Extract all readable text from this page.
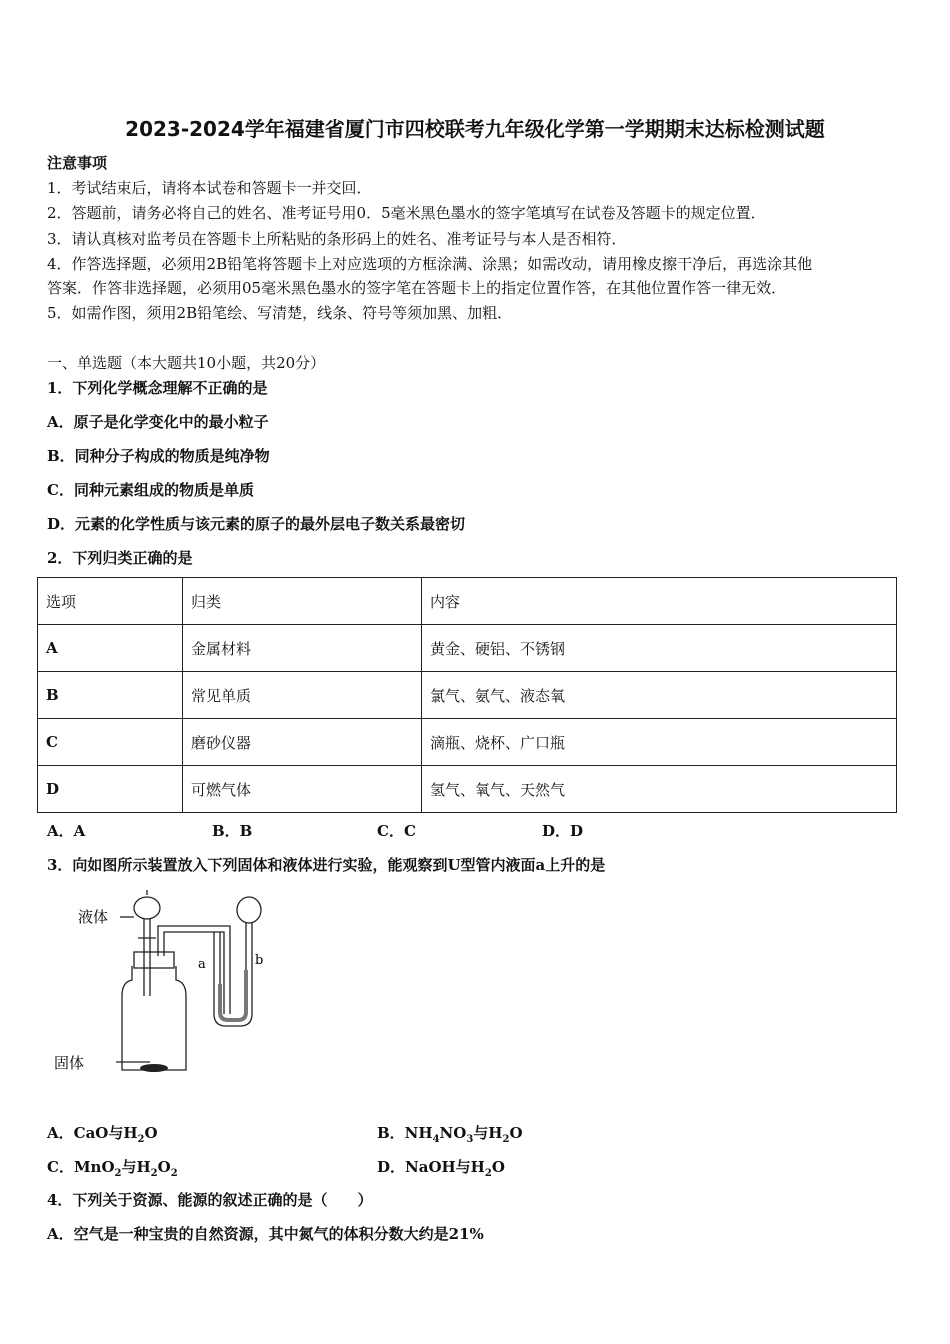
2023-2024学年福建省厦门市四校联考九年级化学第一学期期末达标检测试题
注意事项
1．考试结束后，请将本试卷和答题卡一并交回．
2．答题前，请务必将自己的姓名、准考证号用0．5毫米黑色墨水的签字笔填写在试卷及答题卡的规定位置．
3．请认真核对监考员在答题卡上所粘贴的条形码上的姓名、准考证号与本人是否相符．
4．作答选择题，必须用2B铅笔将答题卡上对应选项的方框涂满、涂黑；如需改动，请用橡皮擦干净后，再选涂其他
答案．作答非选择题，必须用05毫米黑色墨水的签字笔在答题卡上的指定位置作答，在其他位置作答一律无效．
5．如需作图，须用2B铅笔绘、写清楚，线条、符号等须加黑、加粗．
一、单选题（本大题共10小题，共20分）
1．下列化学概念理解不正确的是
A．原子是化学变化中的最小粒子
B．同种分子构成的物质是纯净物
C．同种元素组成的物质是单质
D．元素的化学性质与该元素的原子的最外层电子数关系最密切
2．下列归类正确的是
选项	归类	内容
A	金属材料	黄金、硬铝、不锈钢
B	常见单质	氯气、氨气、液态氧
C	磨砂仪器	滴瓶、烧杯、广口瓶
D	可燃气体	氢气、氧气、天然气
A．A	B．B	C．C	D．D
3．向如图所示装置放入下列固体和液体进行实验，能观察到U型管内液面a上升的是
液体
固体
a	b
A．CaO与$H_2O$	B．$NH_4NO_3$与$H_2O$
C．MnO$_2$与$H_2O_2$	D．NaOH与$H_2O$
4．下列关于资源、能源的叙述正确的是（　　）
A．空气是一种宝贵的自然资源，其中氮气的体积分数大约是21%
